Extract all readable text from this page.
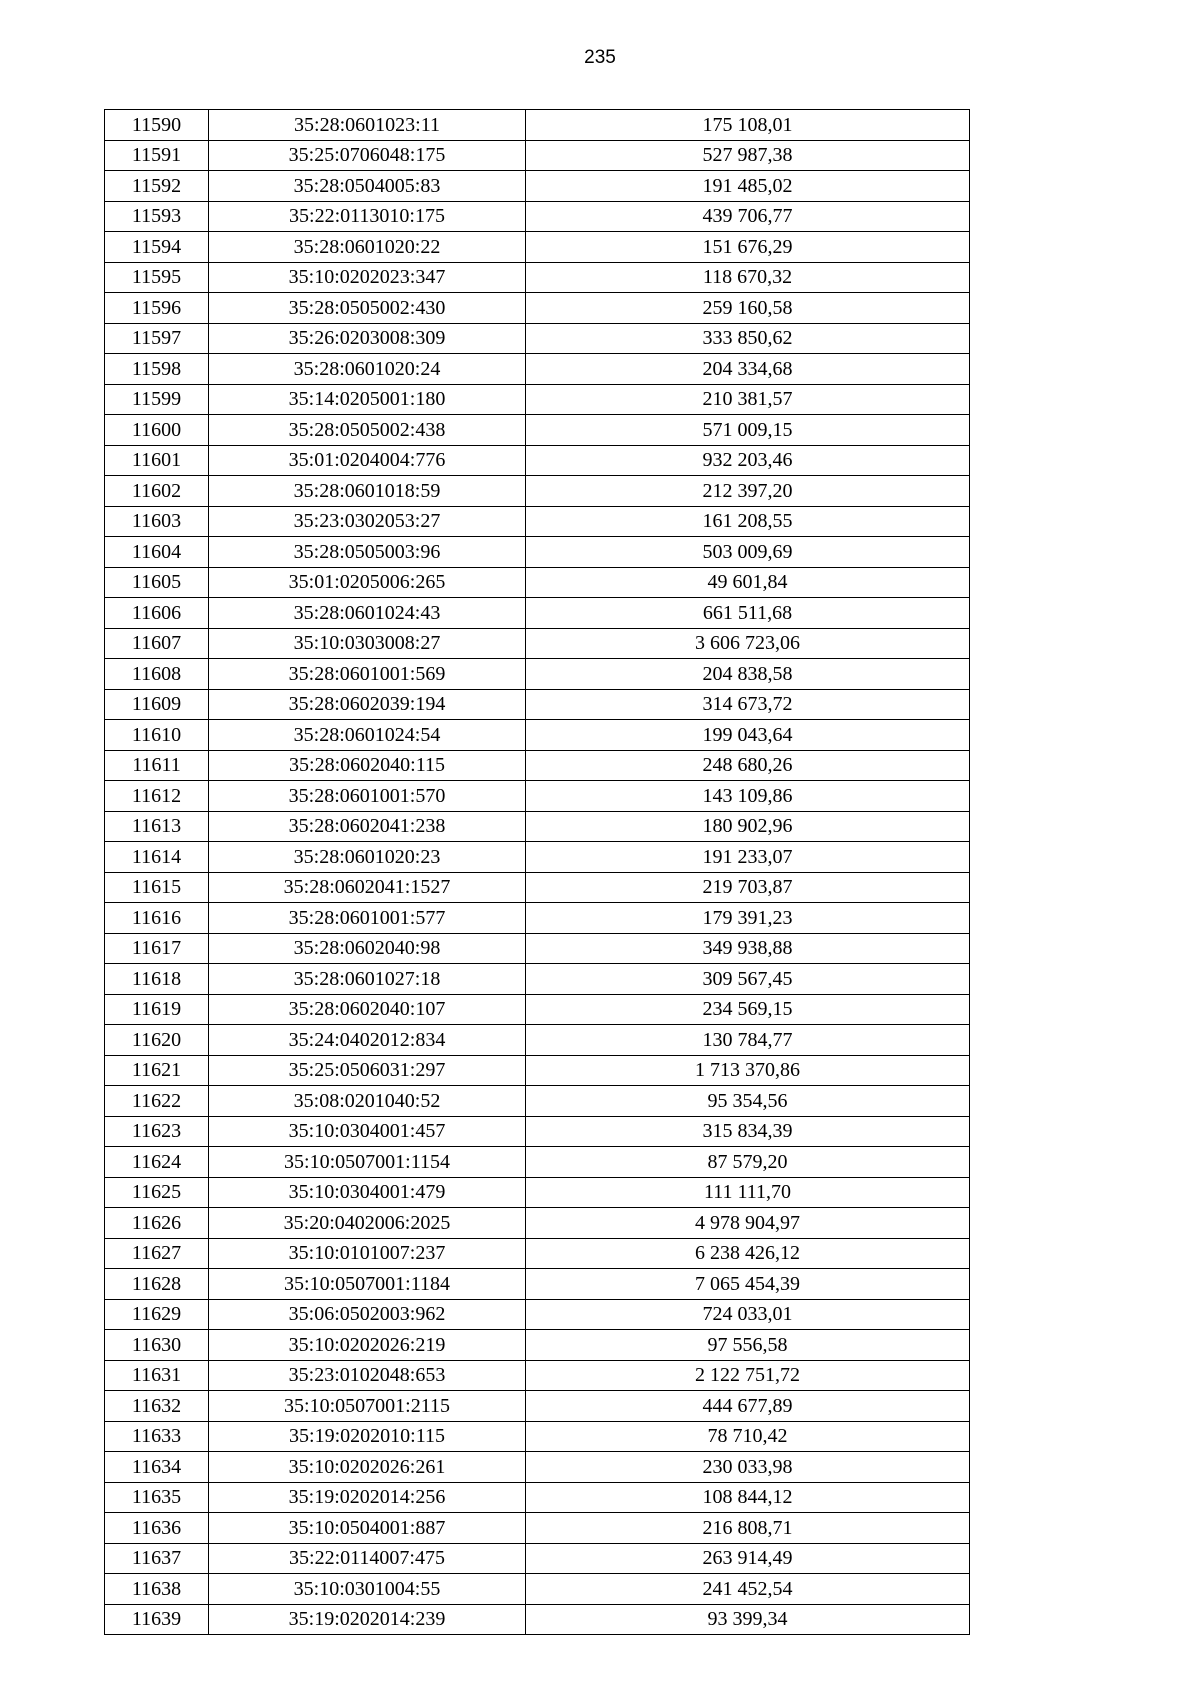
235
11590	35:28:0601023:11	175 108,01
11591	35:25:0706048:175	527 987,38
11592	35:28:0504005:83	191 485,02
11593	35:22:0113010:175	439 706,77
11594	35:28:0601020:22	151 676,29
11595	35:10:0202023:347	118 670,32
11596	35:28:0505002:430	259 160,58
11597	35:26:0203008:309	333 850,62
11598	35:28:0601020:24	204 334,68
11599	35:14:0205001:180	210 381,57
11600	35:28:0505002:438	571 009,15
11601	35:01:0204004:776	932 203,46
11602	35:28:0601018:59	212 397,20
11603	35:23:0302053:27	161 208,55
11604	35:28:0505003:96	503 009,69
11605	35:01:0205006:265	49 601,84
11606	35:28:0601024:43	661 511,68
11607	35:10:0303008:27	3 606 723,06
11608	35:28:0601001:569	204 838,58
11609	35:28:0602039:194	314 673,72
11610	35:28:0601024:54	199 043,64
11611	35:28:0602040:115	248 680,26
11612	35:28:0601001:570	143 109,86
11613	35:28:0602041:238	180 902,96
11614	35:28:0601020:23	191 233,07
11615	35:28:0602041:1527	219 703,87
11616	35:28:0601001:577	179 391,23
11617	35:28:0602040:98	349 938,88
11618	35:28:0601027:18	309 567,45
11619	35:28:0602040:107	234 569,15
11620	35:24:0402012:834	130 784,77
11621	35:25:0506031:297	1 713 370,86
11622	35:08:0201040:52	95 354,56
11623	35:10:0304001:457	315 834,39
11624	35:10:0507001:1154	87 579,20
11625	35:10:0304001:479	111 111,70
11626	35:20:0402006:2025	4 978 904,97
11627	35:10:0101007:237	6 238 426,12
11628	35:10:0507001:1184	7 065 454,39
11629	35:06:0502003:962	724 033,01
11630	35:10:0202026:219	97 556,58
11631	35:23:0102048:653	2 122 751,72
11632	35:10:0507001:2115	444 677,89
11633	35:19:0202010:115	78 710,42
11634	35:10:0202026:261	230 033,98
11635	35:19:0202014:256	108 844,12
11636	35:10:0504001:887	216 808,71
11637	35:22:0114007:475	263 914,49
11638	35:10:0301004:55	241 452,54
11639	35:19:0202014:239	93 399,34
